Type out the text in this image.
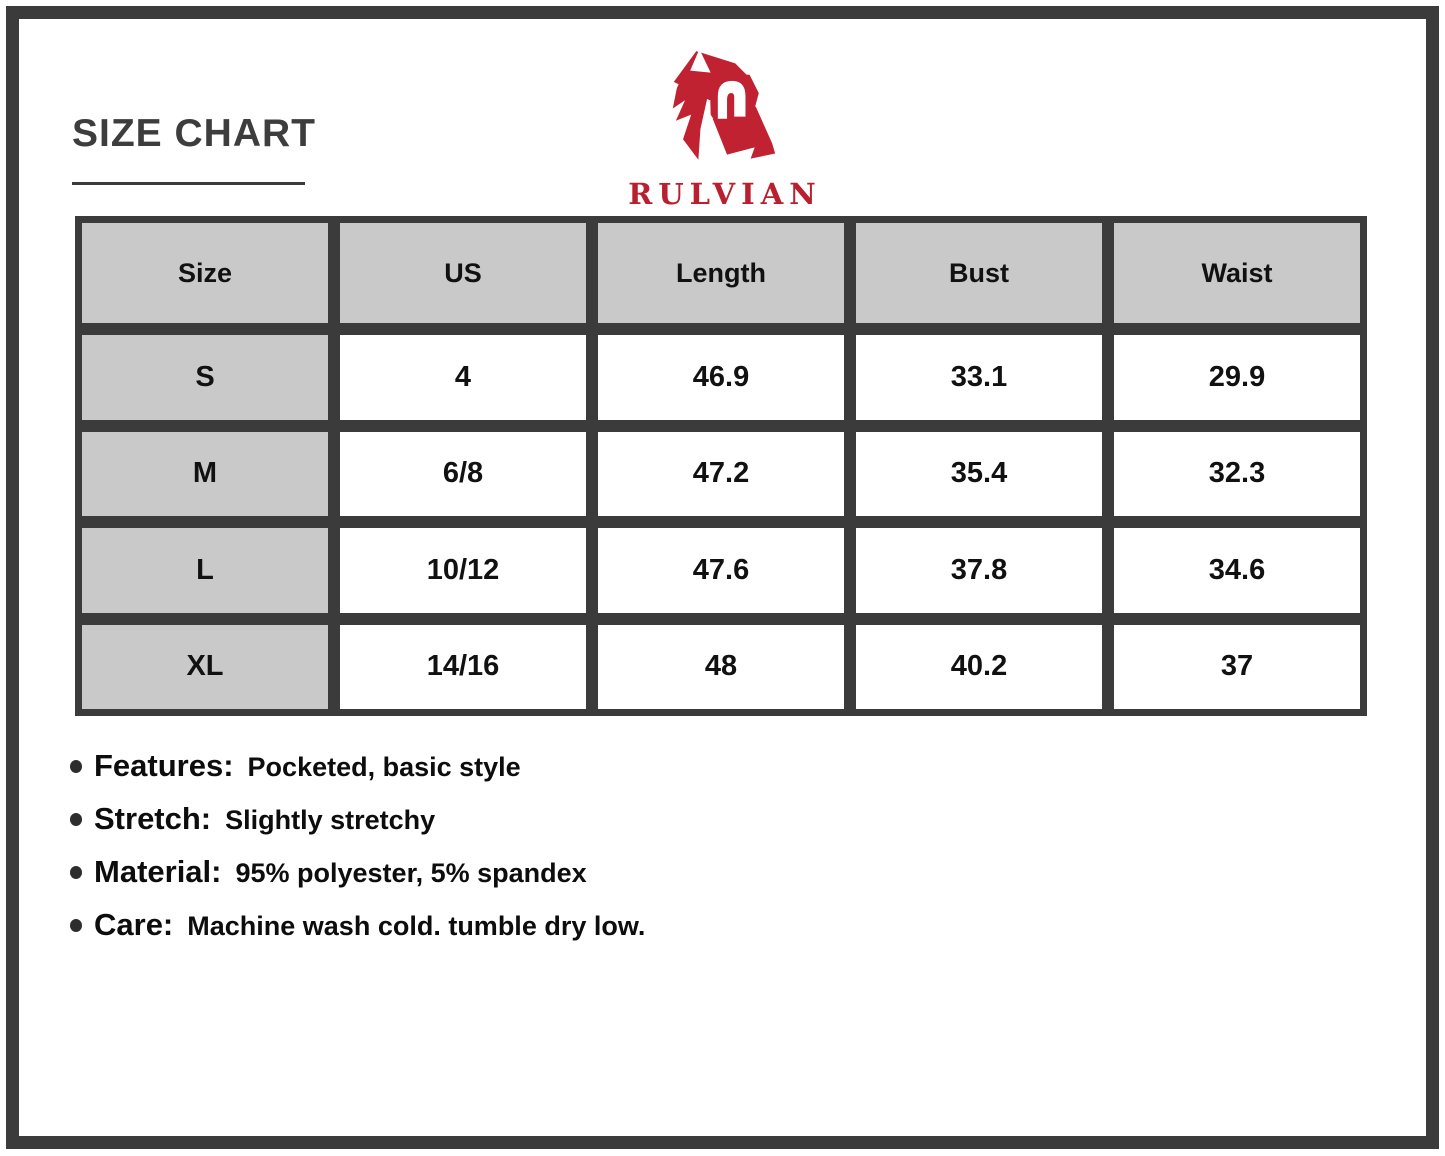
SIZE CHART
RULVIAN
Size	US	Length	Bust	Waist
S	4	46.9	33.1	29.9
M	6/8	47.2	35.4	32.3
L	10/12	47.6	37.8	34.6
XL	14/16	48	40.2	37
Features: Pocketed, basic style
Stretch: Slightly stretchy
Material: 95% polyester, 5% spandex
Care: Machine wash cold. tumble dry low.
